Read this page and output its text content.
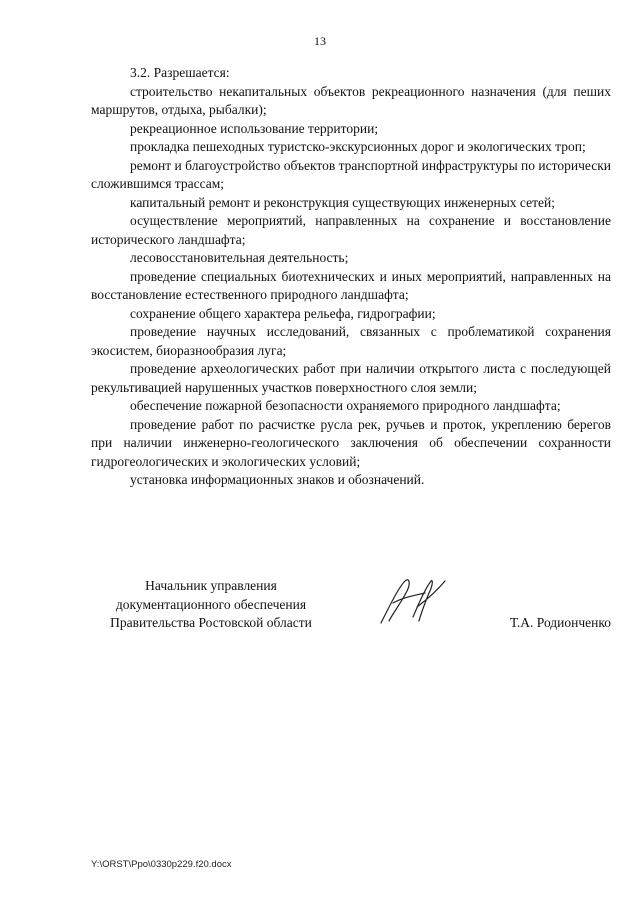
13

3.2. Разрешается:

строительство некапитальных объектов рекреационного назначения (для пеших маршрутов, отдыха, рыбалки);

рекреационное использование территории;

прокладка пешеходных туристско-экскурсионных дорог и экологических троп;

ремонт и благоустройство объектов транспортной инфраструктуры по исторически сложившимся трассам;

капитальный ремонт и реконструкция существующих инженерных сетей;

осуществление мероприятий, направленных на сохранение и восстановление исторического ландшафта;

лесовосстановительная деятельность;

проведение специальных биотехнических и иных мероприятий, направленных на восстановление естественного природного ландшафта;

сохранение общего характера рельефа, гидрографии;

проведение научных исследований, связанных с проблематикой сохранения экосистем, биоразнообразия луга;

проведение археологических работ при наличии открытого листа с последующей рекультивацией нарушенных участков поверхностного слоя земли;

обеспечение пожарной безопасности охраняемого природного ландшафта;

проведение работ по расчистке русла рек, ручьев и проток, укреплению берегов при наличии инженерно-геологического заключения об обеспечении сохранности гидрогеологических и экологических условий;

установка информационных знаков и обозначений.

Начальник управления
документационного обеспечения
Правительства Ростовской области	Т.А. Родионченко
Y:\ORST\Ppo\0330p229.f20.docx
